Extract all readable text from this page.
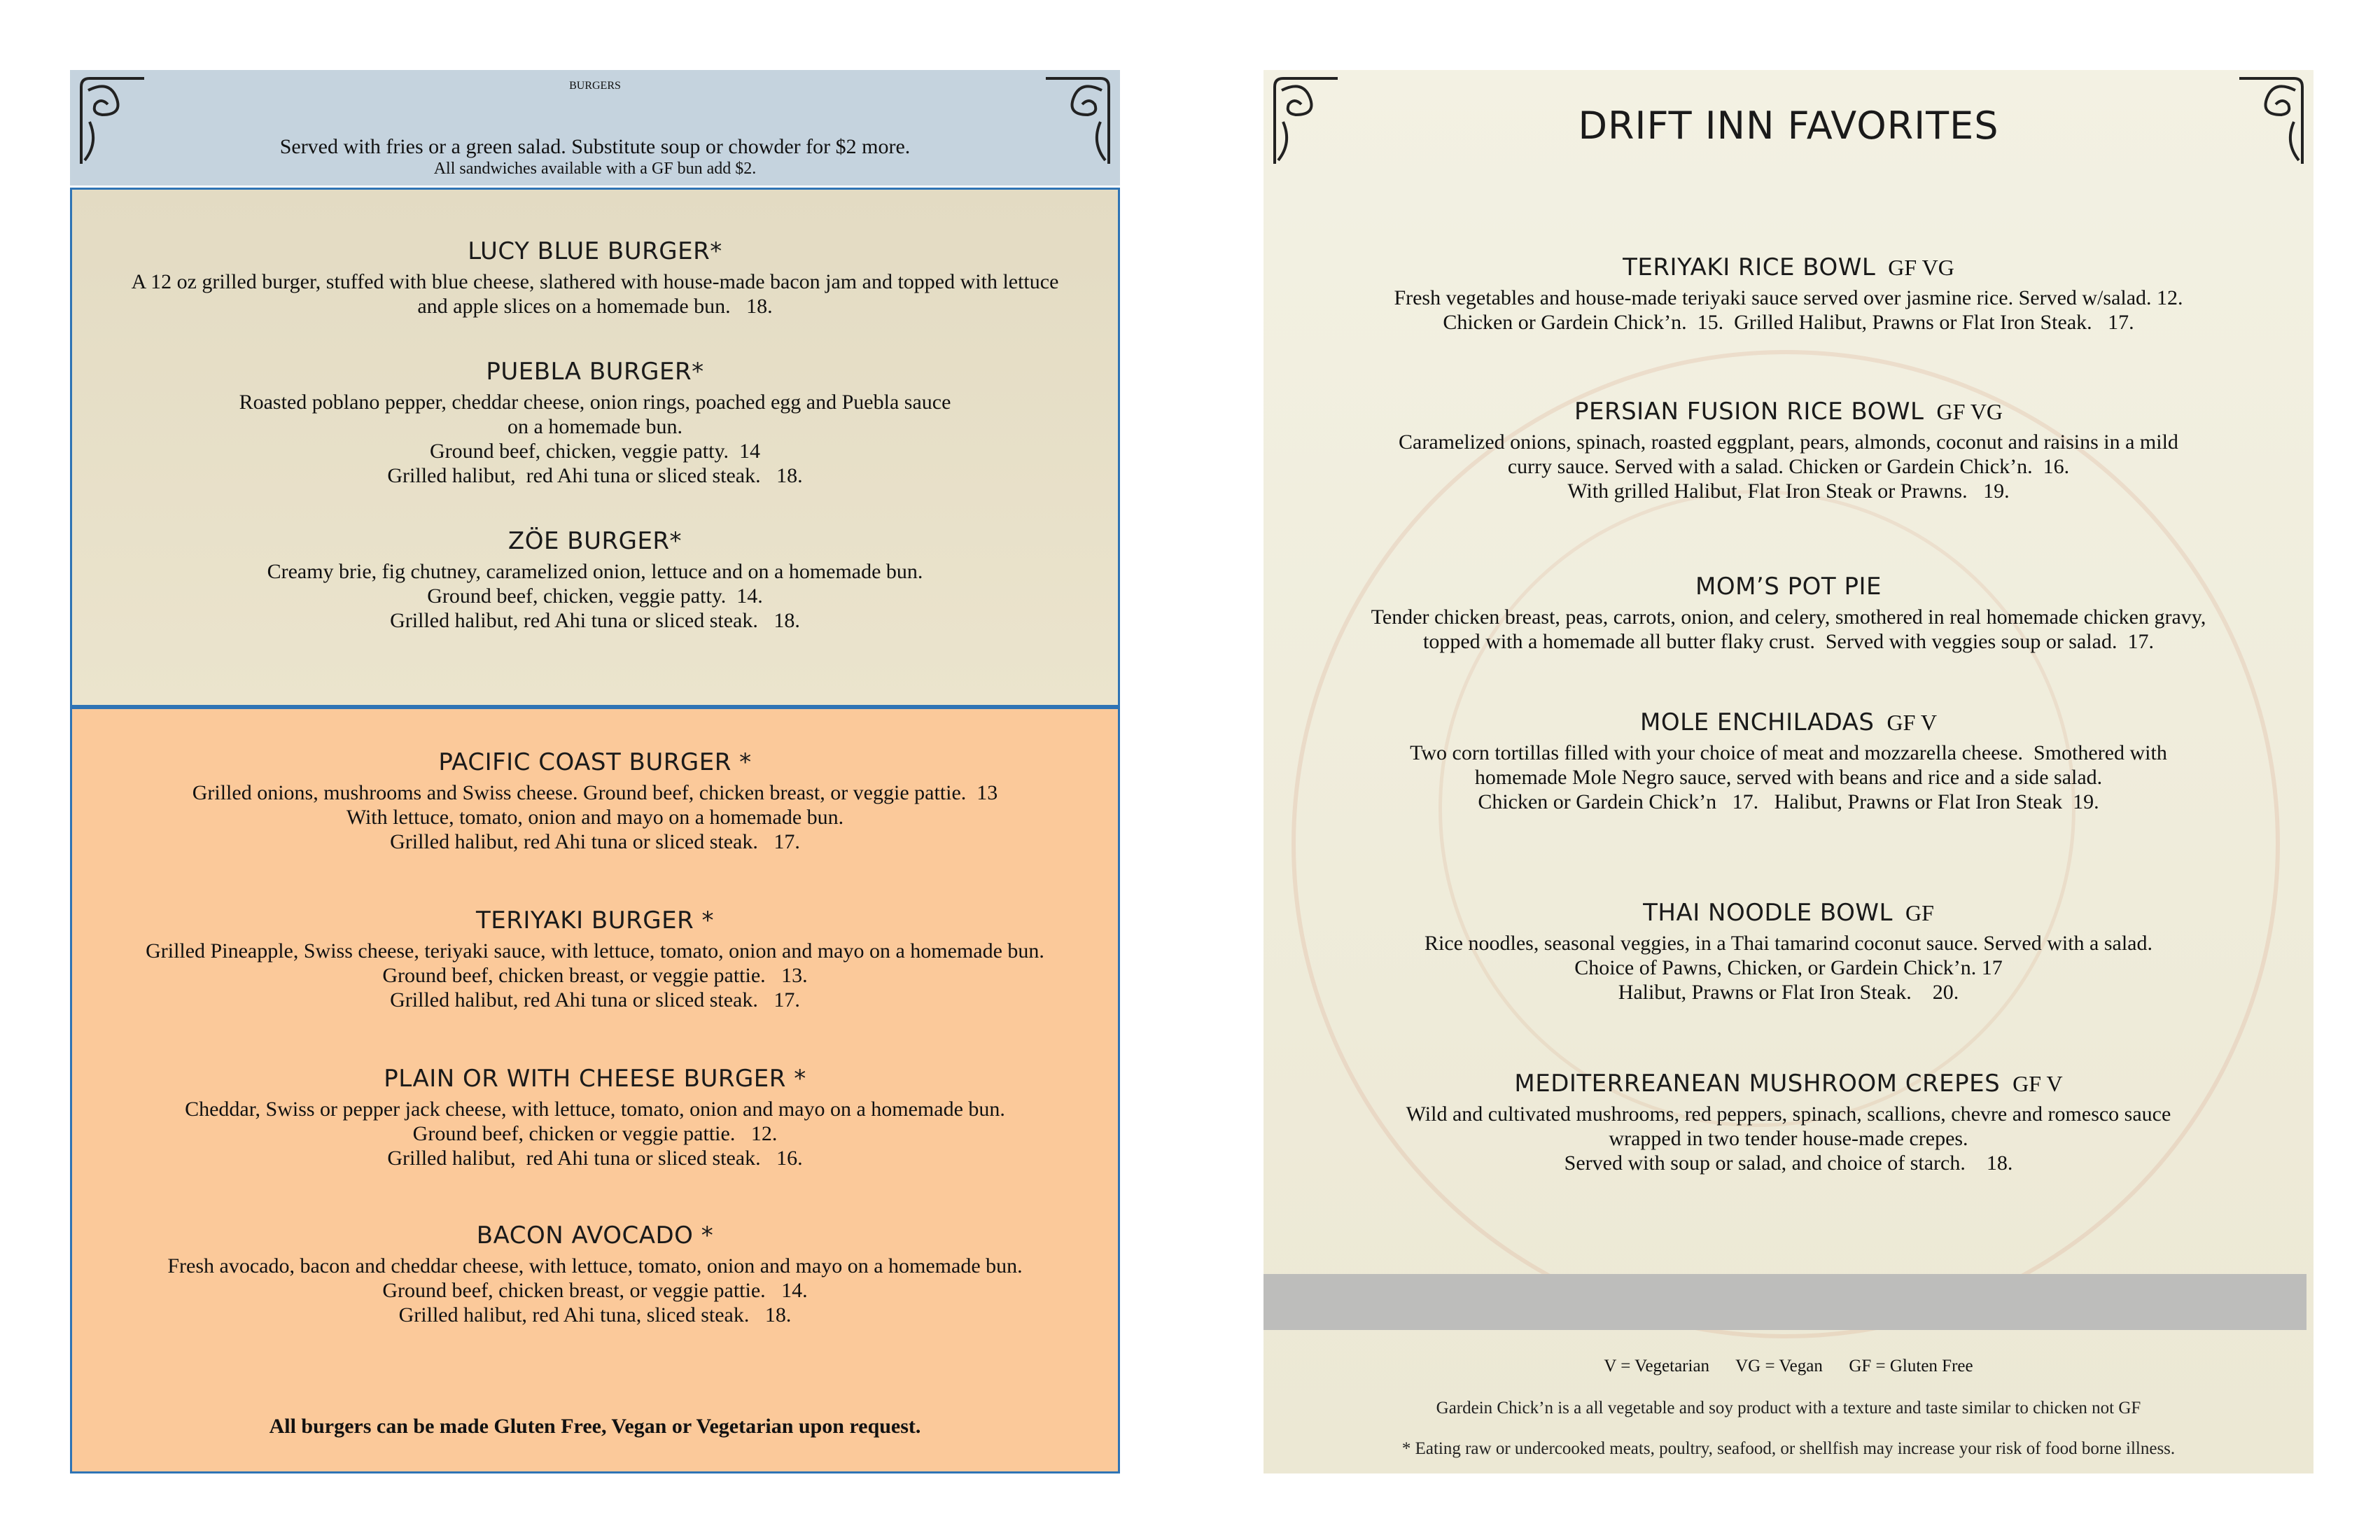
BURGERS
Served with fries or a green salad. Substitute soup or chowder for $2 more.
All sandwiches available with a GF bun add $2.
LUCY BLUE BURGER*
A 12 oz grilled burger, stuffed with blue cheese, slathered with house-made bacon jam and topped with lettuce
and apple slices on a homemade bun.   18.
PUEBLA BURGER*
Roasted poblano pepper, cheddar cheese, onion rings, poached egg and Puebla sauce
on a homemade bun.
Ground beef, chicken, veggie patty.  14
Grilled halibut,  red Ahi tuna or sliced steak.   18.
ZÖE BURGER*
Creamy brie, fig chutney, caramelized onion, lettuce and on a homemade bun.
Ground beef, chicken, veggie patty.  14.
Grilled halibut, red Ahi tuna or sliced steak.   18.
All burgers can be made Gluten Free, Vegan or Vegetarian upon request.
PACIFIC COAST BURGER *
Grilled onions, mushrooms and Swiss cheese. Ground beef, chicken breast, or veggie pattie.  13
With lettuce, tomato, onion and mayo on a homemade bun.
Grilled halibut, red Ahi tuna or sliced steak.   17.
TERIYAKI BURGER *
Grilled Pineapple, Swiss cheese, teriyaki sauce, with lettuce, tomato, onion and mayo on a homemade bun.
Ground beef, chicken breast, or veggie pattie.   13.
Grilled halibut, red Ahi tuna or sliced steak.   17.
PLAIN OR WITH CHEESE BURGER *
Cheddar, Swiss or pepper jack cheese, with lettuce, tomato, onion and mayo on a homemade bun.
Ground beef, chicken or veggie pattie.   12.
Grilled halibut,  red Ahi tuna or sliced steak.   16.
BACON AVOCADO *
Fresh avocado, bacon and cheddar cheese, with lettuce, tomato, onion and mayo on a homemade bun.
Ground beef, chicken breast, or veggie pattie.   14.
Grilled halibut, red Ahi tuna, sliced steak.   18.
DRIFT INN FAVORITES
V = Vegetarian      VG = Vegan      GF = Gluten Free
Gardein Chick’n is a all vegetable and soy product with a texture and taste similar to chicken not GF
* Eating raw or undercooked meats, poultry, seafood, or shellfish may increase your risk of food borne illness.
TERIYAKI RICE BOWL GF VG
Fresh vegetables and house-made teriyaki sauce served over jasmine rice. Served w/salad. 12.
Chicken or Gardein Chick’n.  15.  Grilled Halibut, Prawns or Flat Iron Steak.   17.
PERSIAN FUSION RICE BOWL GF VG
Caramelized onions, spinach, roasted eggplant, pears, almonds, coconut and raisins in a mild
curry sauce. Served with a salad. Chicken or Gardein Chick’n.  16.
With grilled Halibut, Flat Iron Steak or Prawns.   19.
MOM’S POT PIE
Tender chicken breast, peas, carrots, onion, and celery, smothered in real homemade chicken gravy,
topped with a homemade all butter flaky crust.  Served with veggies soup or salad.  17.
MOLE ENCHILADAS GF V
Two corn tortillas filled with your choice of meat and mozzarella cheese.  Smothered with
homemade Mole Negro sauce, served with beans and rice and a side salad.
Chicken or Gardein Chick’n   17.   Halibut, Prawns or Flat Iron Steak  19.
THAI NOODLE BOWL GF
Rice noodles, seasonal veggies, in a Thai tamarind coconut sauce. Served with a salad.
Choice of Pawns, Chicken, or Gardein Chick’n. 17
Halibut, Prawns or Flat Iron Steak.    20.
MEDITERREANEAN MUSHROOM CREPES GF V
Wild and cultivated mushrooms, red peppers, spinach, scallions, chevre and romesco sauce
wrapped in two tender house-made crepes.
Served with soup or salad, and choice of starch.    18.
